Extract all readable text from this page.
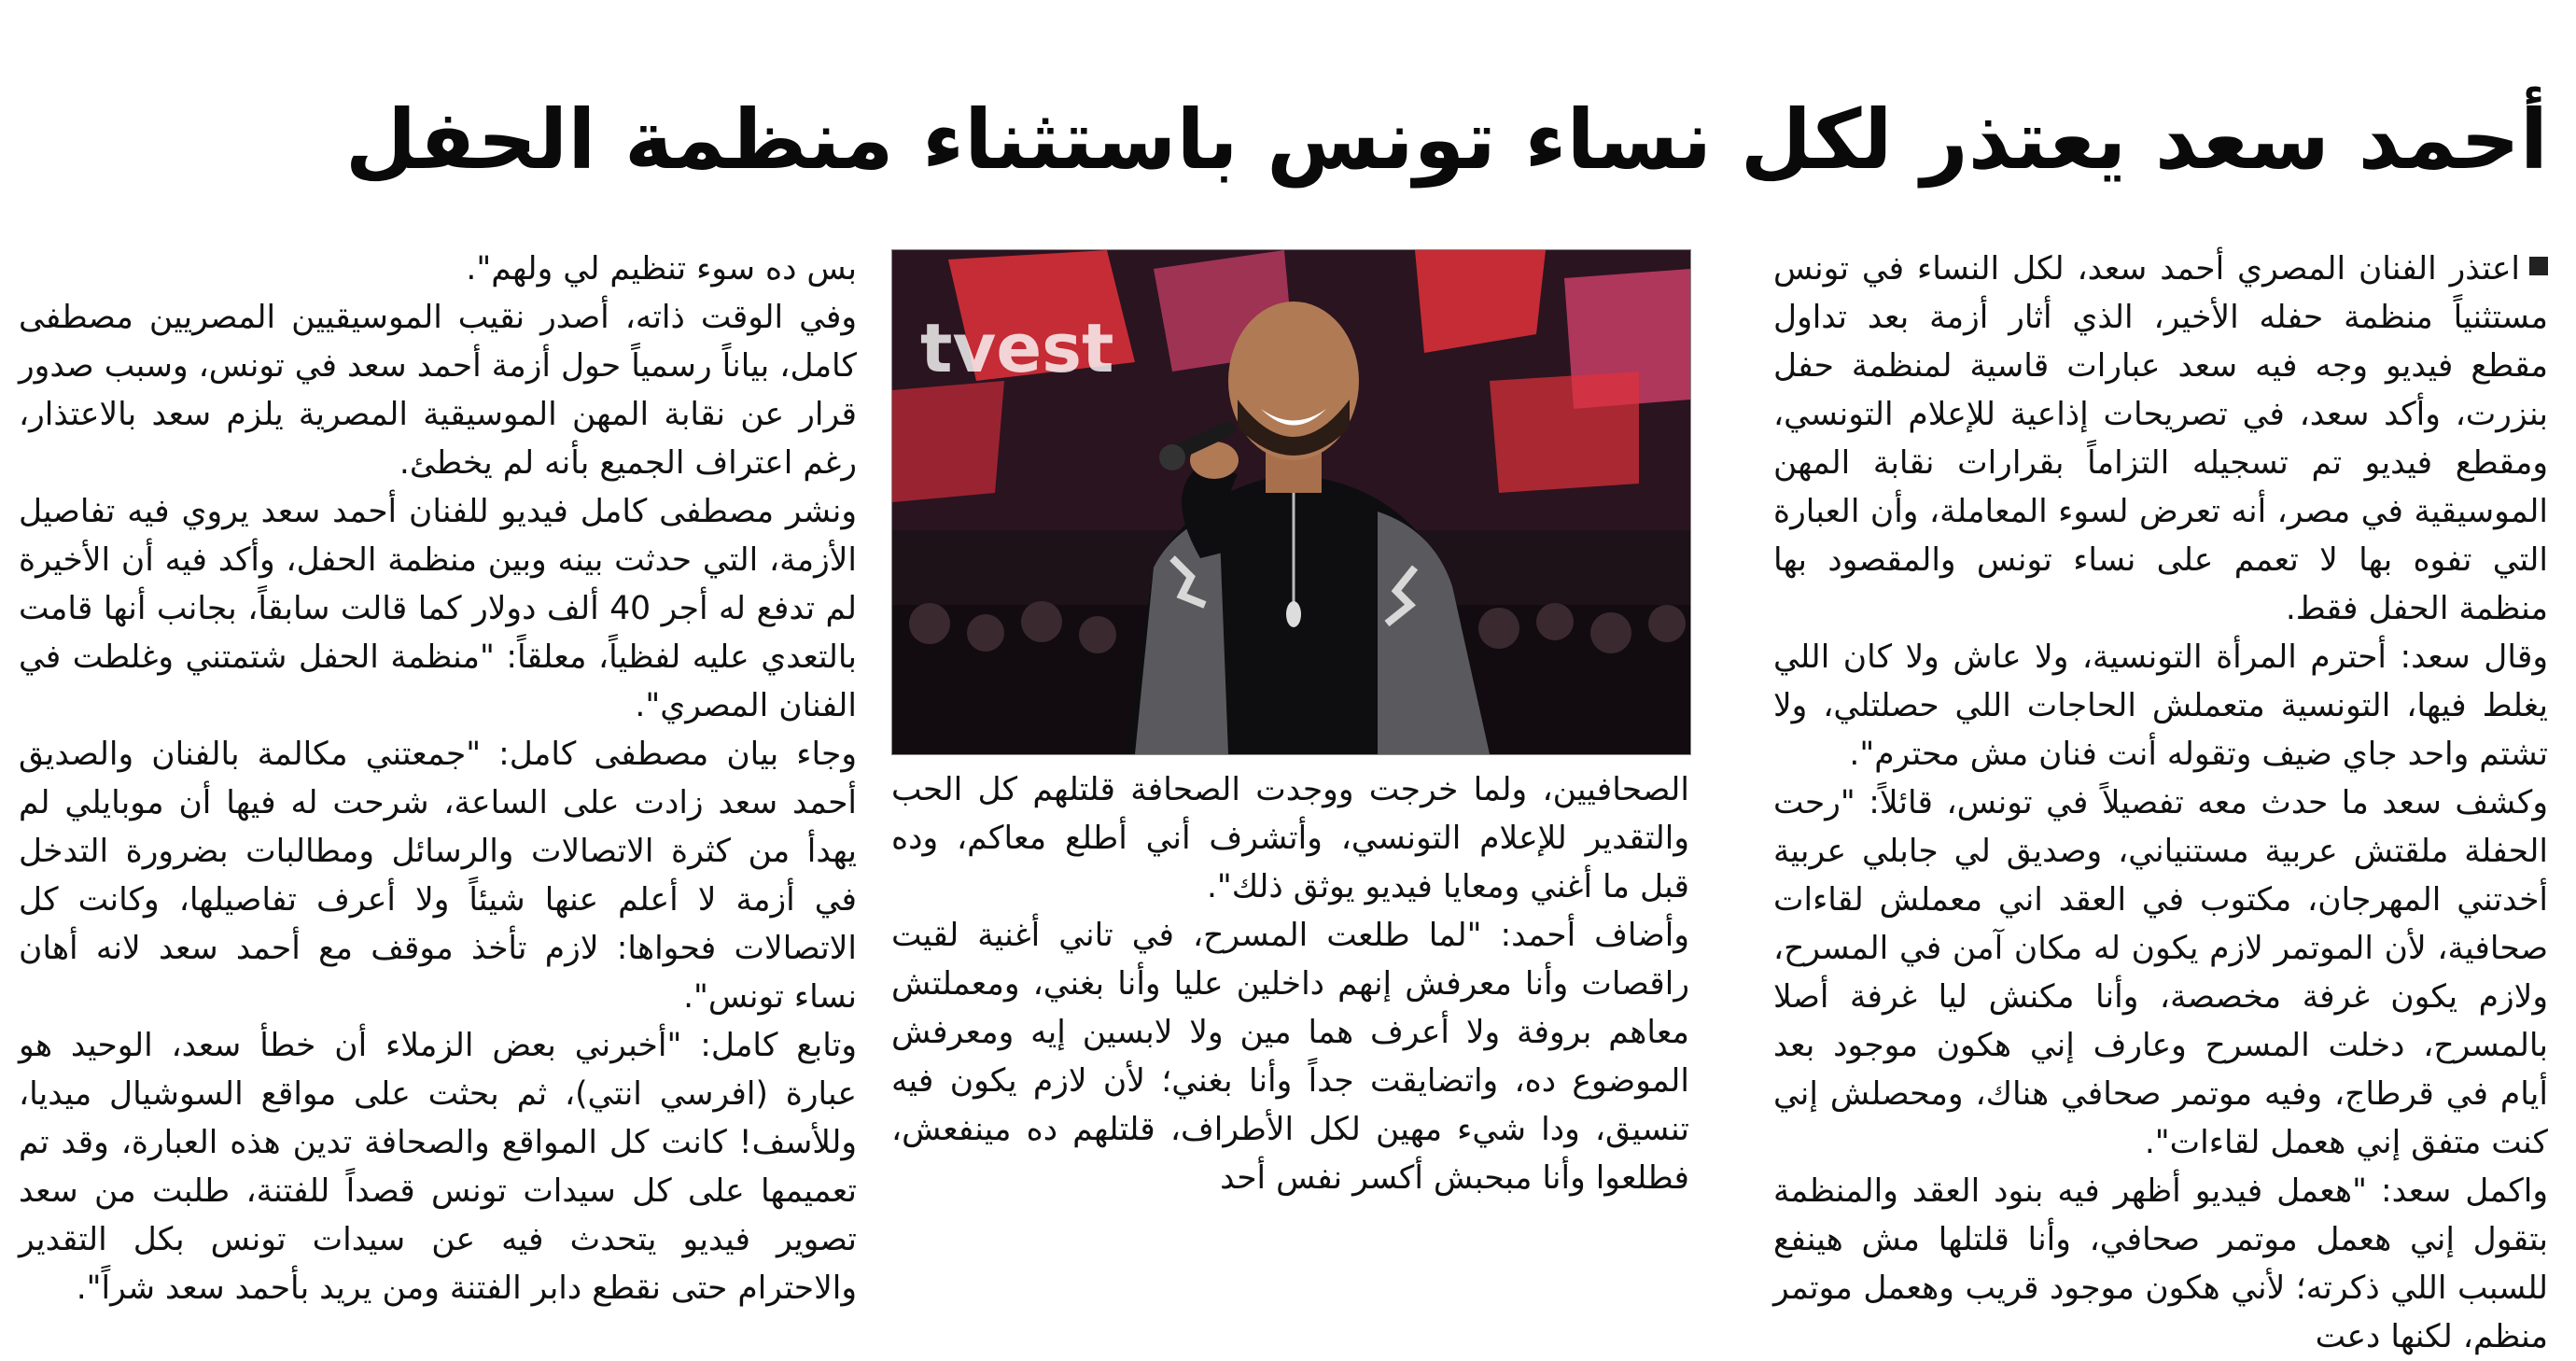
أحمد سعد يعتذر لكل نساء تونس باستثناء منظمة الحفل

اعتذر الفنان المصري أحمد سعد، لكل النساء في تونس مستثنياً منظمة حفله الأخير، الذي أثار أزمة بعد تداول مقطع فيديو وجه فيه سعد عبارات قاسية لمنظمة حفل بنزرت، وأكد سعد، في تصريحات إذاعية للإعلام التونسي، ومقطع فيديو تم تسجيله التزاماً بقرارات نقابة المهن الموسيقية في مصر، أنه تعرض لسوء المعاملة، وأن العبارة التي تفوه بها لا تعمم على نساء تونس والمقصود بها منظمة الحفل فقط.

وقال سعد: أحترم المرأة التونسية، ولا عاش ولا كان اللي يغلط فيها، التونسية متعملش الحاجات اللي حصلتلي، ولا تشتم واحد جاي ضيف وتقوله أنت فنان مش محترم".

وكشف سعد ما حدث معه تفصيلاً في تونس، قائلاً: "رحت الحفلة ملقتش عربية مستنياني، وصديق لي جابلي عربية أخدتني المهرجان، مكتوب في العقد اني معملش لقاءات صحافية، لأن الموتمر لازم يكون له مكان آمن في المسرح، ولازم يكون غرفة مخصصة، وأنا مكنش ليا غرفة أصلا بالمسرح، دخلت المسرح وعارف إني هكون موجود بعد أيام في قرطاج، وفيه موتمر صحافي هناك، ومحصلش إني كنت متفق إني هعمل لقاءات".

واكمل سعد: "هعمل فيديو أظهر فيه بنود العقد والمنظمة بتقول إني هعمل موتمر صحافي، وأنا قلتلها مش هينفع للسبب اللي ذكرته؛ لأني هكون موجود قريب وهعمل موتمر منظم، لكنها دعت

tvest

الصحافيين، ولما خرجت ووجدت الصحافة قلتلهم كل الحب والتقدير للإعلام التونسي، وأتشرف أني أطلع معاكم، وده قبل ما أغني ومعايا فيديو يوثق ذلك".

وأضاف أحمد: "لما طلعت المسرح، في تاني أغنية لقيت راقصات وأنا معرفش إنهم داخلين عليا وأنا بغني، ومعملتش معاهم بروفة ولا أعرف هما مين ولا لابسين إيه ومعرفش الموضوع ده، واتضايقت جداً وأنا بغني؛ لأن لازم يكون فيه تنسيق، ودا شيء مهين لكل الأطراف، قلتلهم ده مينفعش، فطلعوا وأنا مبحبش أكسر نفس أحد

بس ده سوء تنظيم لي ولهم".

وفي الوقت ذاته، أصدر نقيب الموسيقيين المصريين مصطفى كامل، بياناً رسمياً حول أزمة أحمد سعد في تونس، وسبب صدور قرار عن نقابة المهن الموسيقية المصرية يلزم سعد بالاعتذار، رغم اعتراف الجميع بأنه لم يخطئ.

ونشر مصطفى كامل فيديو للفنان أحمد سعد يروي فيه تفاصيل الأزمة، التي حدثت بينه وبين منظمة الحفل، وأكد فيه أن الأخيرة لم تدفع له أجر 40 ألف دولار كما قالت سابقاً، بجانب أنها قامت بالتعدي عليه لفظياً، معلقاً: "منظمة الحفل شتمتني وغلطت في الفنان المصري".

وجاء بيان مصطفى كامل: "جمعتني مكالمة بالفنان والصديق أحمد سعد زادت على الساعة، شرحت له فيها أن موبايلي لم يهدأ من كثرة الاتصالات والرسائل ومطالبات بضرورة التدخل في أزمة لا أعلم عنها شيئاً ولا أعرف تفاصيلها، وكانت كل الاتصالات فحواها: لازم تأخذ موقف مع أحمد سعد لانه أهان نساء تونس".

وتابع كامل: "أخبرني بعض الزملاء أن خطأ سعد، الوحيد هو عبارة (افرسي انتي)، ثم بحثت على مواقع السوشيال ميديا، وللأسف! كانت كل المواقع والصحافة تدين هذه العبارة، وقد تم تعميمها على كل سيدات تونس قصداً للفتنة، طلبت من سعد تصوير فيديو يتحدث فيه عن سيدات تونس بكل التقدير والاحترام حتى نقطع دابر الفتنة ومن يريد بأحمد سعد شراً".
